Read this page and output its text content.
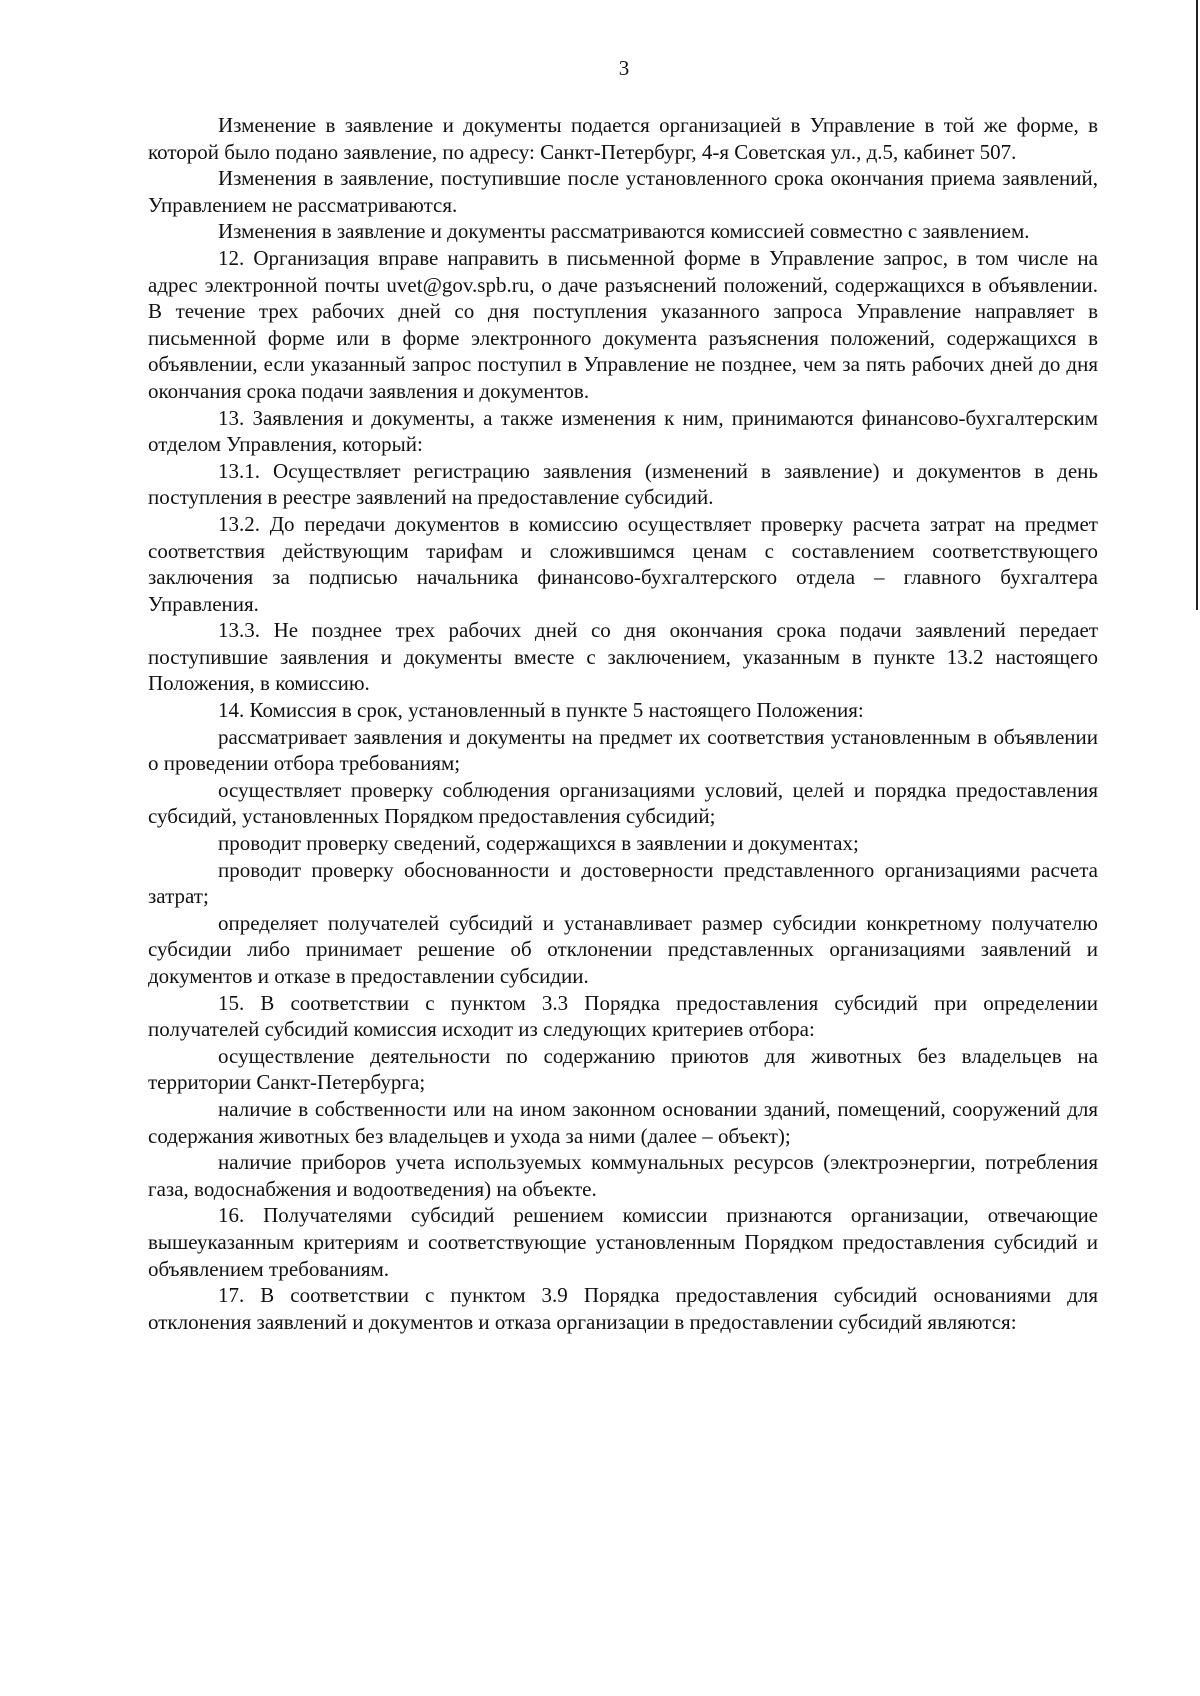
3

Изменение в заявление и документы подается организацией в Управление в той же форме, в которой было подано заявление, по адресу: Санкт-Петербург, 4-я Советская ул., д.5, кабинет 507.

Изменения в заявление, поступившие после установленного срока окончания приема заявлений, Управлением не рассматриваются.

Изменения в заявление и документы рассматриваются комиссией совместно с заявлением.

12. Организация вправе направить в письменной форме в Управление запрос, в том числе на адрес электронной почты uvet@gov.spb.ru, о даче разъяснений положений, содержащихся в объявлении. В течение трех рабочих дней со дня поступления указанного запроса Управление направляет в письменной форме или в форме электронного документа разъяснения положений, содержащихся в объявлении, если указанный запрос поступил в Управление не позднее, чем за пять рабочих дней до дня окончания срока подачи заявления и документов.

13. Заявления и документы, а также изменения к ним, принимаются финансово-бухгалтерским отделом Управления, который:

13.1. Осуществляет регистрацию заявления (изменений в заявление) и документов в день поступления в реестре заявлений на предоставление субсидий.

13.2. До передачи документов в комиссию осуществляет проверку расчета затрат на предмет соответствия действующим тарифам и сложившимся ценам с составлением соответствующего заключения за подписью начальника финансово-бухгалтерского отдела – главного бухгалтера Управления.

13.3. Не позднее трех рабочих дней со дня окончания срока подачи заявлений передает поступившие заявления и документы вместе с заключением, указанным в пункте 13.2 настоящего Положения, в комиссию.

14. Комиссия в срок, установленный в пункте 5 настоящего Положения:

рассматривает заявления и документы на предмет их соответствия установленным в объявлении о проведении отбора требованиям;

осуществляет проверку соблюдения организациями условий, целей и порядка предоставления субсидий, установленных Порядком предоставления субсидий;

проводит проверку сведений, содержащихся в заявлении и документах;

проводит проверку обоснованности и достоверности представленного организациями расчета затрат;

определяет получателей субсидий и устанавливает размер субсидии конкретному получателю субсидии либо принимает решение об отклонении представленных организациями заявлений и документов и отказе в предоставлении субсидии.

15. В соответствии с пунктом 3.3 Порядка предоставления субсидий при определении получателей субсидий комиссия исходит из следующих критериев отбора:

осуществление деятельности по содержанию приютов для животных без владельцев на территории Санкт-Петербурга;

наличие в собственности или на ином законном основании зданий, помещений, сооружений для содержания животных без владельцев и ухода за ними (далее – объект);

наличие приборов учета используемых коммунальных ресурсов (электроэнергии, потребления газа, водоснабжения и водоотведения) на объекте.

16. Получателями субсидий решением комиссии признаются организации, отвечающие вышеуказанным критериям и соответствующие установленным Порядком предоставления субсидий и объявлением требованиям.

17. В соответствии с пунктом 3.9 Порядка предоставления субсидий основаниями для отклонения заявлений и документов и отказа организации в предоставлении субсидий являются:
